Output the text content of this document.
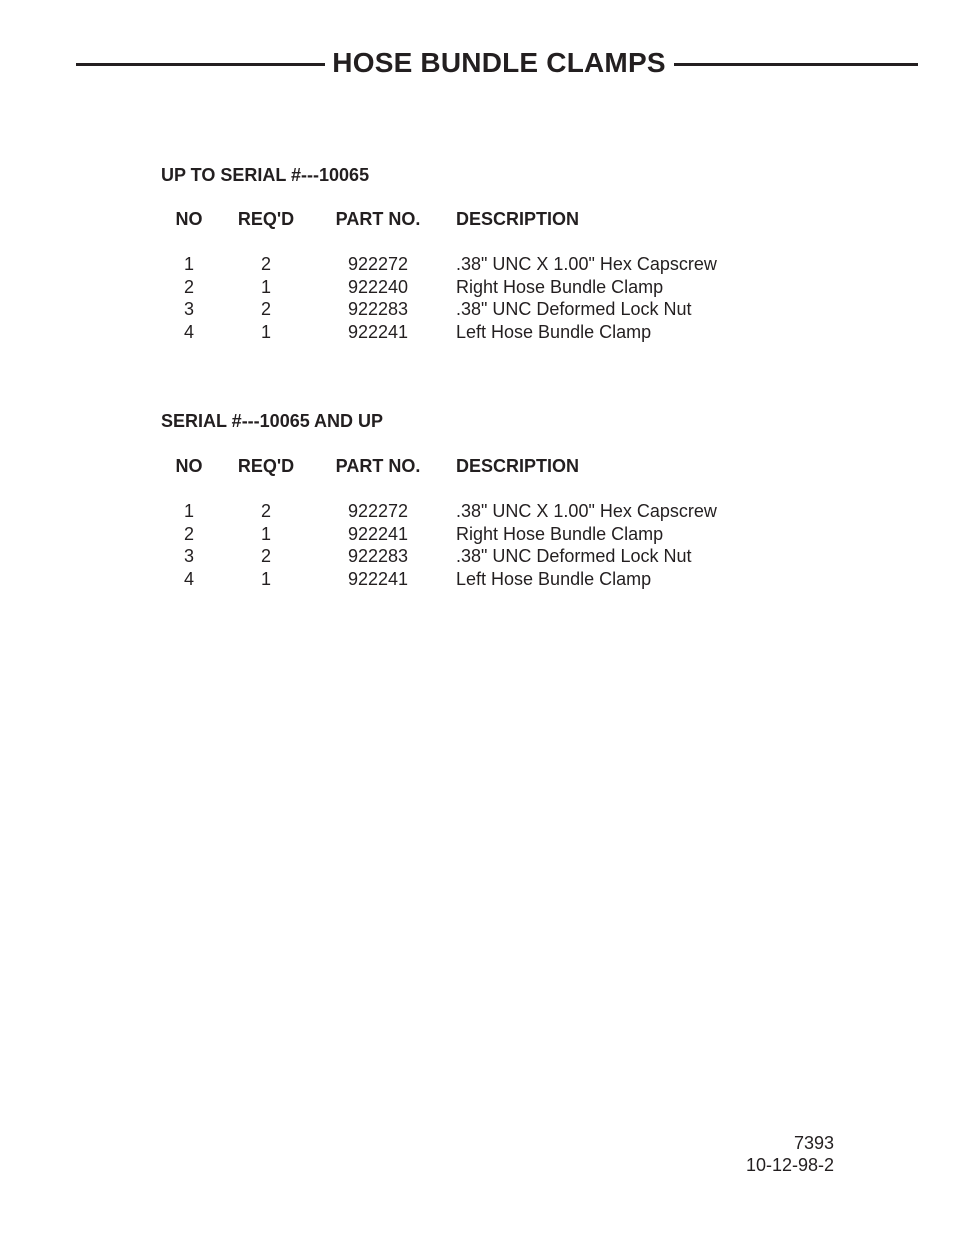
HOSE BUNDLE CLAMPS
UP TO SERIAL #---10065
NO REQ'D PART NO. DESCRIPTION
1	2	922272	.38" UNC X 1.00" Hex Capscrew
2	1	922240	Right Hose Bundle Clamp
3	2	922283	.38" UNC Deformed Lock Nut
4	1	922241	Left Hose Bundle Clamp
SERIAL #---10065 AND UP
NO REQ'D PART NO. DESCRIPTION
1	2	922272	.38" UNC X 1.00" Hex Capscrew
2	1	922241	Right Hose Bundle Clamp
3	2	922283	.38" UNC Deformed Lock Nut
4	1	922241	Left Hose Bundle Clamp
7393
10-12-98-2
